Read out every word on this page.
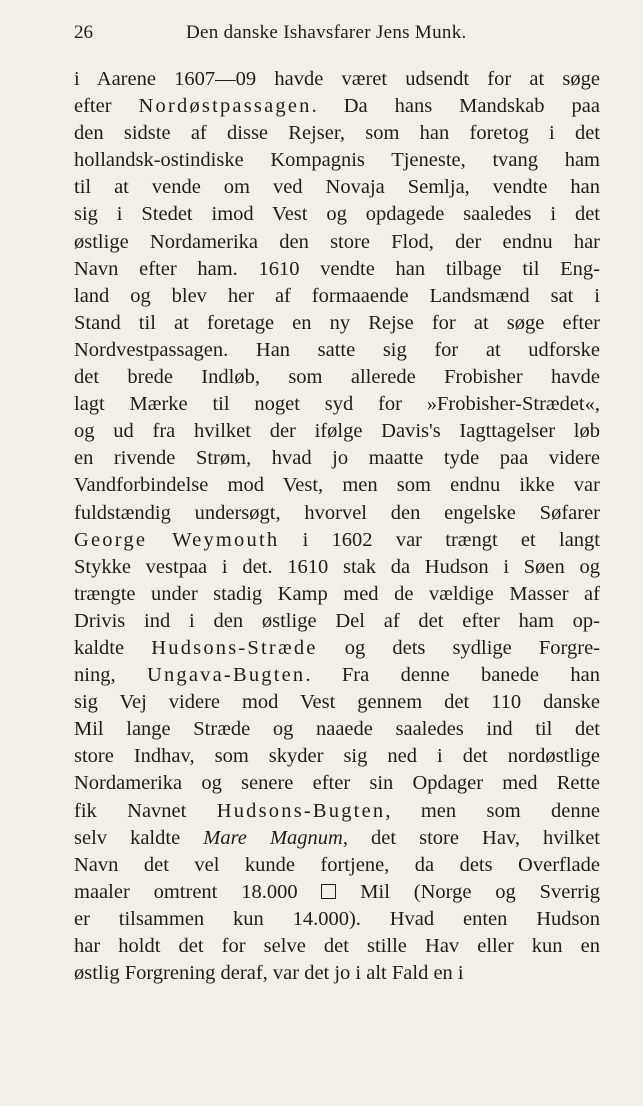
26	Den danske Ishavsfarer Jens Munk.
i Aarene 1607—09 havde været udsendt for at søge
efter Nordøstpassagen. Da hans Mandskab paa
den sidste af disse Rejser, som han foretog i det
hollandsk-ostindiske Kompagnis Tjeneste, tvang ham
til at vende om ved Novaja Semlja, vendte han
sig i Stedet imod Vest og opdagede saaledes i det
østlige Nordamerika den store Flod, der endnu har
Navn efter ham. 1610 vendte han tilbage til Eng-
land og blev her af formaaende Landsmænd sat i
Stand til at foretage en ny Rejse for at søge efter
Nordvestpassagen. Han satte sig for at udforske
det brede Indløb, som allerede Frobisher havde
lagt Mærke til noget syd for »Frobisher-Strædet«,
og ud fra hvilket der ifølge Davis's Iagttagelser løb
en rivende Strøm, hvad jo maatte tyde paa videre
Vandforbindelse mod Vest, men som endnu ikke var
fuldstændig undersøgt, hvorvel den engelske Søfarer
George Weymouth i 1602 var trængt et langt
Stykke vestpaa i det. 1610 stak da Hudson i Søen og
trængte under stadig Kamp med de vældige Masser af
Drivis ind i den østlige Del af det efter ham op-
kaldte Hudsons-Stræde og dets sydlige Forgre-
ning, Ungava-Bugten. Fra denne banede han
sig Vej videre mod Vest gennem det 110 danske
Mil lange Stræde og naaede saaledes ind til det
store Indhav, som skyder sig ned i det nordøstlige
Nordamerika og senere efter sin Opdager med Rette
fik Navnet Hudsons-Bugten, men som denne
selv kaldte Mare Magnum, det store Hav, hvilket
Navn det vel kunde fortjene, da dets Overflade
maaler omtrent 18.000  Mil (Norge og Sverrig
er tilsammen kun 14.000). Hvad enten Hudson
har holdt det for selve det stille Hav eller kun en
østlig Forgrening deraf, var det jo i alt Fald en i
